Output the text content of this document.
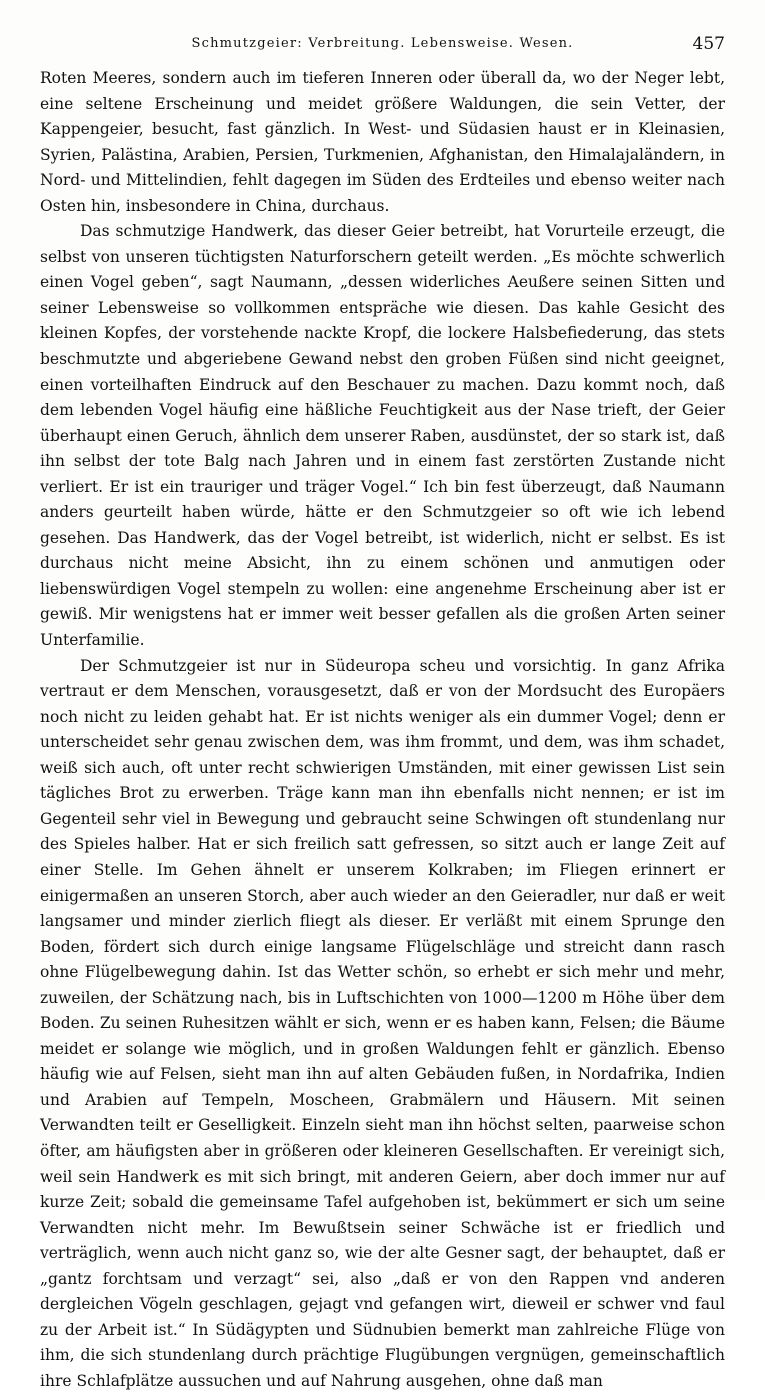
Schmutzgeier: Verbreitung. Lebensweise. Wesen.	457

Roten Meeres, sondern auch im tieferen Inneren oder überall da, wo der Neger lebt, eine seltene Erscheinung und meidet größere Waldungen, die sein Vetter, der Kappengeier, besucht, fast gänzlich. In West- und Südasien haust er in Kleinasien, Syrien, Palästina, Arabien, Persien, Turkmenien, Afghanistan, den Himalajaländern, in Nord- und Mittelindien, fehlt dagegen im Süden des Erdteiles und ebenso weiter nach Osten hin, insbesondere in China, durchaus.

Das schmutzige Handwerk, das dieser Geier betreibt, hat Vorurteile erzeugt, die selbst von unseren tüchtigsten Naturforschern geteilt werden. „Es möchte schwerlich einen Vogel geben“, sagt Naumann, „dessen widerliches Aeußere seinen Sitten und seiner Lebensweise so vollkommen entspräche wie diesen. Das kahle Gesicht des kleinen Kopfes, der vorstehende nackte Kropf, die lockere Halsbefiederung, das stets beschmutzte und abgeriebene Gewand nebst den groben Füßen sind nicht geeignet, einen vorteilhaften Eindruck auf den Beschauer zu machen. Dazu kommt noch, daß dem lebenden Vogel häufig eine häßliche Feuchtigkeit aus der Nase trieft, der Geier überhaupt einen Geruch, ähnlich dem unserer Raben, ausdünstet, der so stark ist, daß ihn selbst der tote Balg nach Jahren und in einem fast zerstörten Zustande nicht verliert. Er ist ein trauriger und träger Vogel.“ Ich bin fest überzeugt, daß Naumann anders geurteilt haben würde, hätte er den Schmutzgeier so oft wie ich lebend gesehen. Das Handwerk, das der Vogel betreibt, ist widerlich, nicht er selbst. Es ist durchaus nicht meine Absicht, ihn zu einem schönen und anmutigen oder liebenswürdigen Vogel stempeln zu wollen: eine angenehme Erscheinung aber ist er gewiß. Mir wenigstens hat er immer weit besser gefallen als die großen Arten seiner Unterfamilie.

Der Schmutzgeier ist nur in Südeuropa scheu und vorsichtig. In ganz Afrika vertraut er dem Menschen, vorausgesetzt, daß er von der Mordsucht des Europäers noch nicht zu leiden gehabt hat. Er ist nichts weniger als ein dummer Vogel; denn er unterscheidet sehr genau zwischen dem, was ihm frommt, und dem, was ihm schadet, weiß sich auch, oft unter recht schwierigen Umständen, mit einer gewissen List sein tägliches Brot zu erwerben. Träge kann man ihn ebenfalls nicht nennen; er ist im Gegenteil sehr viel in Bewegung und gebraucht seine Schwingen oft stundenlang nur des Spieles halber. Hat er sich freilich satt gefressen, so sitzt auch er lange Zeit auf einer Stelle. Im Gehen ähnelt er unserem Kolkraben; im Fliegen erinnert er einigermaßen an unseren Storch, aber auch wieder an den Geieradler, nur daß er weit langsamer und minder zierlich fliegt als dieser. Er verläßt mit einem Sprunge den Boden, fördert sich durch einige langsame Flügelschläge und streicht dann rasch ohne Flügelbewegung dahin. Ist das Wetter schön, so erhebt er sich mehr und mehr, zuweilen, der Schätzung nach, bis in Luftschichten von 1000—1200 m Höhe über dem Boden. Zu seinen Ruhesitzen wählt er sich, wenn er es haben kann, Felsen; die Bäume meidet er solange wie möglich, und in großen Waldungen fehlt er gänzlich. Ebenso häufig wie auf Felsen, sieht man ihn auf alten Gebäuden fußen, in Nordafrika, Indien und Arabien auf Tempeln, Moscheen, Grabmälern und Häusern. Mit seinen Verwandten teilt er Geselligkeit. Einzeln sieht man ihn höchst selten, paarweise schon öfter, am häufigsten aber in größeren oder kleineren Gesellschaften. Er vereinigt sich, weil sein Handwerk es mit sich bringt, mit anderen Geiern, aber doch immer nur auf kurze Zeit; sobald die gemeinsame Tafel aufgehoben ist, bekümmert er sich um seine Verwandten nicht mehr. Im Bewußtsein seiner Schwäche ist er friedlich und verträglich, wenn auch nicht ganz so, wie der alte Gesner sagt, der behauptet, daß er „gantz forchtsam und verzagt“ sei, also „daß er von den Rappen vnd anderen dergleichen Vögeln geschlagen, gejagt vnd gefangen wirt, dieweil er schwer vnd faul zu der Arbeit ist.“ In Südägypten und Südnubien bemerkt man zahlreiche Flüge von ihm, die sich stundenlang durch prächtige Flugübungen vergnügen, gemeinschaftlich ihre Schlafplätze aussuchen und auf Nahrung ausgehen, ohne daß man
